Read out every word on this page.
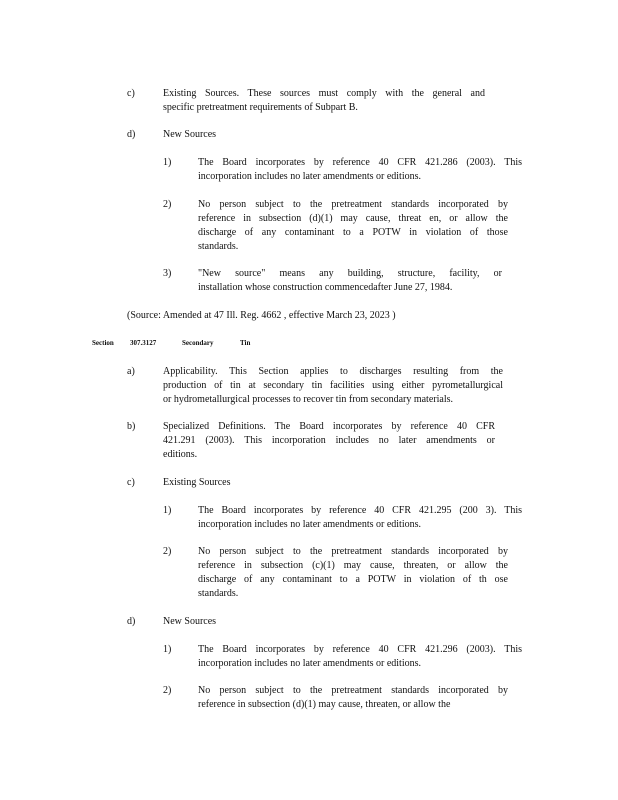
c)	Existing Sources. These sources must comply with the general and
specific pretreatment requirements of Subpart B.
d)	New Sources
1)	The Board incorporates by reference 40 CFR 421.286 (2003). This
incorporation includes no later amendments or editions.
2)	No person subject to the pretreatment standards incorporated by
reference in subsection (d)(1) may cause, threat en, or allow the
discharge of any contaminant to a POTW in violation of those
standards.
3)	"New source" means any building, structure, facility, or
installation whose construction commencedafter June 27, 1984.
(Source: Amended at 47 Ill. Reg. 4662 , effective March 23, 2023 )
Section 307.3127	Secondary	Tin
a)	Applicability. This Section applies to discharges resulting from the
production of tin at secondary tin facilities using either pyrometallurgical
or hydrometallurgical processes to recover tin from secondary materials.
b)	Specialized Definitions. The Board incorporates by reference 40 CFR
421.291 (2003). This incorporation includes no later amendments or
editions.
c)	Existing Sources
1)	The Board incorporates by reference 40 CFR 421.295 (200 3). This
incorporation includes no later amendments or editions.
2)	No person subject to the pretreatment standards incorporated by
reference in subsection (c)(1) may cause, threaten, or allow the
discharge of any contaminant to a POTW in violation of th ose
standards.
d)	New Sources
1)	The Board incorporates by reference 40 CFR 421.296 (2003). This
incorporation includes no later amendments or editions.
2)	No person subject to the pretreatment standards incorporated by
reference in subsection (d)(1) may cause, threaten, or allow the
